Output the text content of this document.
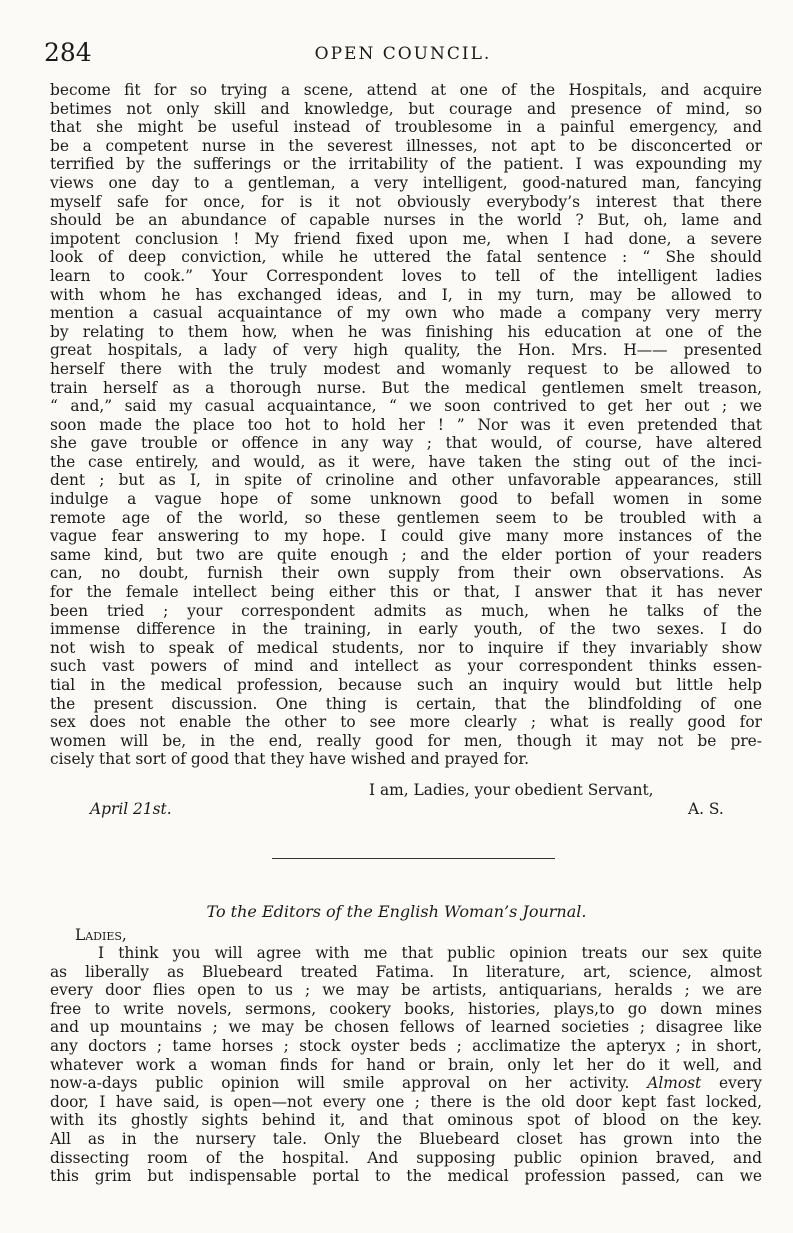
284	OPEN COUNCIL.
become fit for so trying a scene, attend at one of the Hospitals, and acquire
betimes not only skill and knowledge, but courage and presence of mind, so
that she might be useful instead of troublesome in a painful emergency, and
be a competent nurse in the severest illnesses, not apt to be disconcerted or
terrified by the sufferings or the irritability of the patient. I was expounding my
views one day to a gentleman, a very intelligent, good-natured man, fancying
myself safe for once, for is it not obviously everybody’s interest that there
should be an abundance of capable nurses in the world ? But, oh, lame and
impotent conclusion ! My friend fixed upon me, when I had done, a severe
look of deep conviction, while he uttered the fatal sentence : “ She should
learn to cook.” Your Correspondent loves to tell of the intelligent ladies
with whom he has exchanged ideas, and I, in my turn, may be allowed to
mention a casual acquaintance of my own who made a company very merry
by relating to them how, when he was finishing his education at one of the
great hospitals, a lady of very high quality, the Hon. Mrs. H—— presented
herself there with the truly modest and womanly request to be allowed to
train herself as a thorough nurse. But the medical gentlemen smelt treason,
“ and,” said my casual acquaintance, “ we soon contrived to get her out ; we
soon made the place too hot to hold her ! ” Nor was it even pretended that
she gave trouble or offence in any way ; that would, of course, have altered
the case entirely, and would, as it were, have taken the sting out of the inci-
dent ; but as I, in spite of crinoline and other unfavorable appearances, still
indulge a vague hope of some unknown good to befall women in some
remote age of the world, so these gentlemen seem to be troubled with a
vague fear answering to my hope. I could give many more instances of the
same kind, but two are quite enough ; and the elder portion of your readers
can, no doubt, furnish their own supply from their own observations. As
for the female intellect being either this or that, I answer that it has never
been tried ; your correspondent admits as much, when he talks of the
immense difference in the training, in early youth, of the two sexes. I do
not wish to speak of medical students, nor to inquire if they invariably show
such vast powers of mind and intellect as your correspondent thinks essen-
tial in the medical profession, because such an inquiry would but little help
the present discussion. One thing is certain, that the blindfolding of one
sex does not enable the other to see more clearly ; what is really good for
women will be, in the end, really good for men, though it may not be pre-
cisely that sort of good that they have wished and prayed for.
I am, Ladies, your obedient Servant,
April 21st.	A. S.
To the Editors of the English Woman’s Journal.
Ladies,
I think you will agree with me that public opinion treats our sex quite
as liberally as Bluebeard treated Fatima. In literature, art, science, almost
every door flies open to us ; we may be artists, antiquarians, heralds ; we are
free to write novels, sermons, cookery books, histories, plays,to go down mines
and up mountains ; we may be chosen fellows of learned societies ; disagree like
any doctors ; tame horses ; stock oyster beds ; acclimatize the apteryx ; in short,
whatever work a woman finds for hand or brain, only let her do it well, and
now-a-days public opinion will smile approval on her activity. Almost every
door, I have said, is open—not every one ; there is the old door kept fast locked,
with its ghostly sights behind it, and that ominous spot of blood on the key.
All as in the nursery tale. Only the Bluebeard closet has grown into the
dissecting room of the hospital. And supposing public opinion braved, and
this grim but indispensable portal to the medical profession passed, can we
